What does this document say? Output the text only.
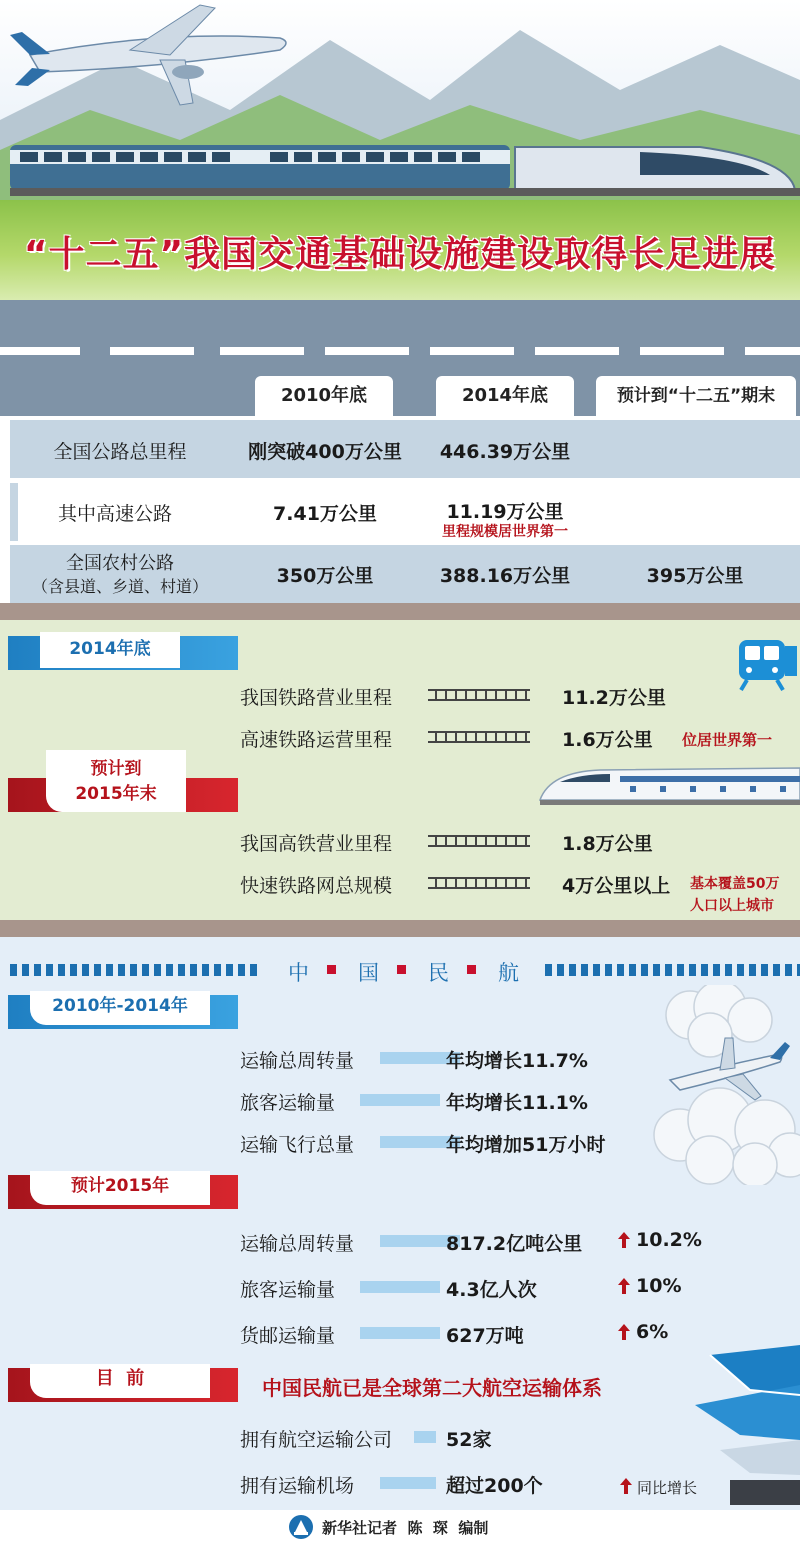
“十二五”我国交通基础设施建设取得长足进展
2010年底	2014年底	预计到“十二五”期末
全国公路总里程	刚突破400万公里	446.39万公里
其中高速公路	7.41万公里	11.19万公里
里程规模居世界第一
全国农村公路
（含县道、乡道、村道）	350万公里	388.16万公里	395万公里
2014年底
我国铁路营业里程	11.2万公里
高速铁路运营里程	1.6万公里 位居世界第一
预计到
2015年末
我国高铁营业里程	1.8万公里
快速铁路网总规模	4万公里以上 基本覆盖50万
人口以上城市
中 国 民 航
2010年-2014年
运输总周转量	年均增长11.7%
旅客运输量	年均增长11.1%
运输飞行总量	年均增加51万小时
预计2015年
运输总周转量	817.2亿吨公里	10.2%
旅客运输量	4.3亿人次	10%
货邮运输量	627万吨	6%
目  前	中国民航已是全球第二大航空运输体系
拥有航空运输公司	52家
拥有运输机场	超过200个	同比增长
新华社记者  陈  琛  编制
